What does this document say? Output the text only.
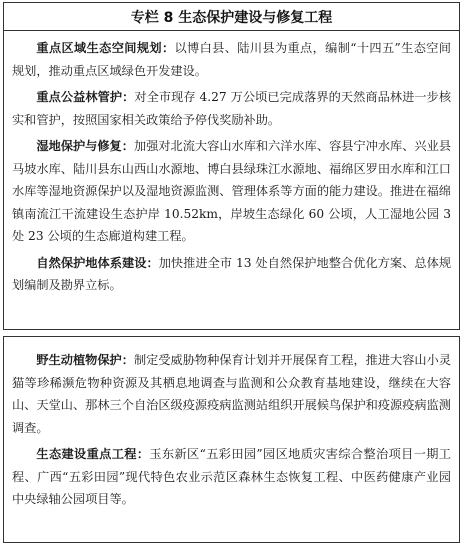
专栏 8 生态保护建设与修复工程

重点区域生态空间规划：以博白县、陆川县为重点，编制“十四五”生态空间规划，推动重点区域绿色开发建设。

重点公益林管护：对全市现存 4.27 万公顷已完成落界的天然商品林进一步核实和管护，按照国家相关政策给予停伐奖励补助。

湿地保护与修复：加强对北流大容山水库和六洋水库、容县宁冲水库、兴业县马坡水库、陆川县东山西山水源地、博白县绿珠江水源地、福绵区罗田水库和江口水库等湿地资源保护以及湿地资源监测、管理体系等方面的能力建设。推进在福绵镇南流江干流建设生态护岸 10.52km，岸坡生态绿化 60 公顷，人工湿地公园 3 处 23 公顷的生态廊道构建工程。

自然保护地体系建设：加快推进全市 13 处自然保护地整合优化方案、总体规划编制及勘界立标。

野生动植物保护：制定受威胁物种保育计划并开展保育工程，推进大容山小灵猫等珍稀濒危物种资源及其栖息地调查与监测和公众教育基地建设，继续在大容山、天堂山、那林三个自治区级疫源疫病监测站组织开展候鸟保护和疫源疫病监测调查。

生态建设重点工程：玉东新区“五彩田园”园区地质灾害综合整治项目一期工程、广西“五彩田园”现代特色农业示范区森林生态恢复工程、中医药健康产业园中央绿轴公园项目等。
